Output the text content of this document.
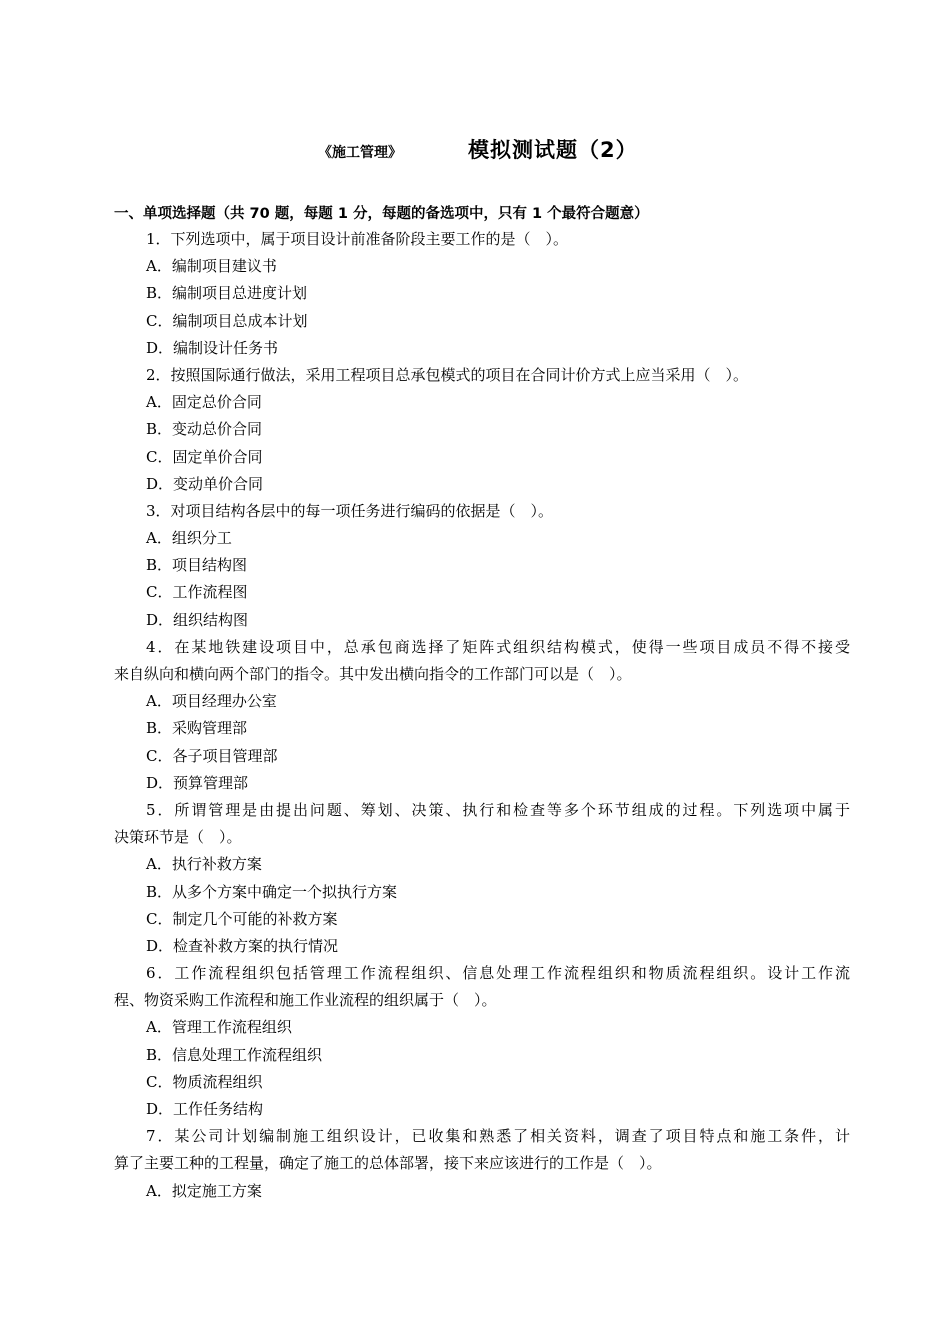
《施工管理》	模拟测试题（2）
一、单项选择题（共 70 题，每题 1 分，每题的备选项中，只有 1 个最符合题意）
1．下列选项中，属于项目设计前准备阶段主要工作的是（　）。
A．编制项目建议书
B．编制项目总进度计划
C．编制项目总成本计划
D．编制设计任务书
2．按照国际通行做法，采用工程项目总承包模式的项目在合同计价方式上应当采用（　）。
A．固定总价合同
B．变动总价合同
C．固定单价合同
D．变动单价合同
3．对项目结构各层中的每一项任务进行编码的依据是（　）。
A．组织分工
B．项目结构图
C．工作流程图
D．组织结构图
4．在某地铁建设项目中，总承包商选择了矩阵式组织结构模式，使得一些项目成员不得不接受
来自纵向和横向两个部门的指令。其中发出横向指令的工作部门可以是（　）。
A．项目经理办公室
B．采购管理部
C．各子项目管理部
D．预算管理部
5．所谓管理是由提出问题、筹划、决策、执行和检查等多个环节组成的过程。下列选项中属于
决策环节是（　）。
A．执行补救方案
B．从多个方案中确定一个拟执行方案
C．制定几个可能的补救方案
D．检查补救方案的执行情况
6．工作流程组织包括管理工作流程组织、信息处理工作流程组织和物质流程组织。设计工作流
程、物资采购工作流程和施工作业流程的组织属于（　）。
A．管理工作流程组织
B．信息处理工作流程组织
C．物质流程组织
D．工作任务结构
7．某公司计划编制施工组织设计，已收集和熟悉了相关资料，调查了项目特点和施工条件，计
算了主要工种的工程量，确定了施工的总体部署，接下来应该进行的工作是（　）。
A．拟定施工方案
